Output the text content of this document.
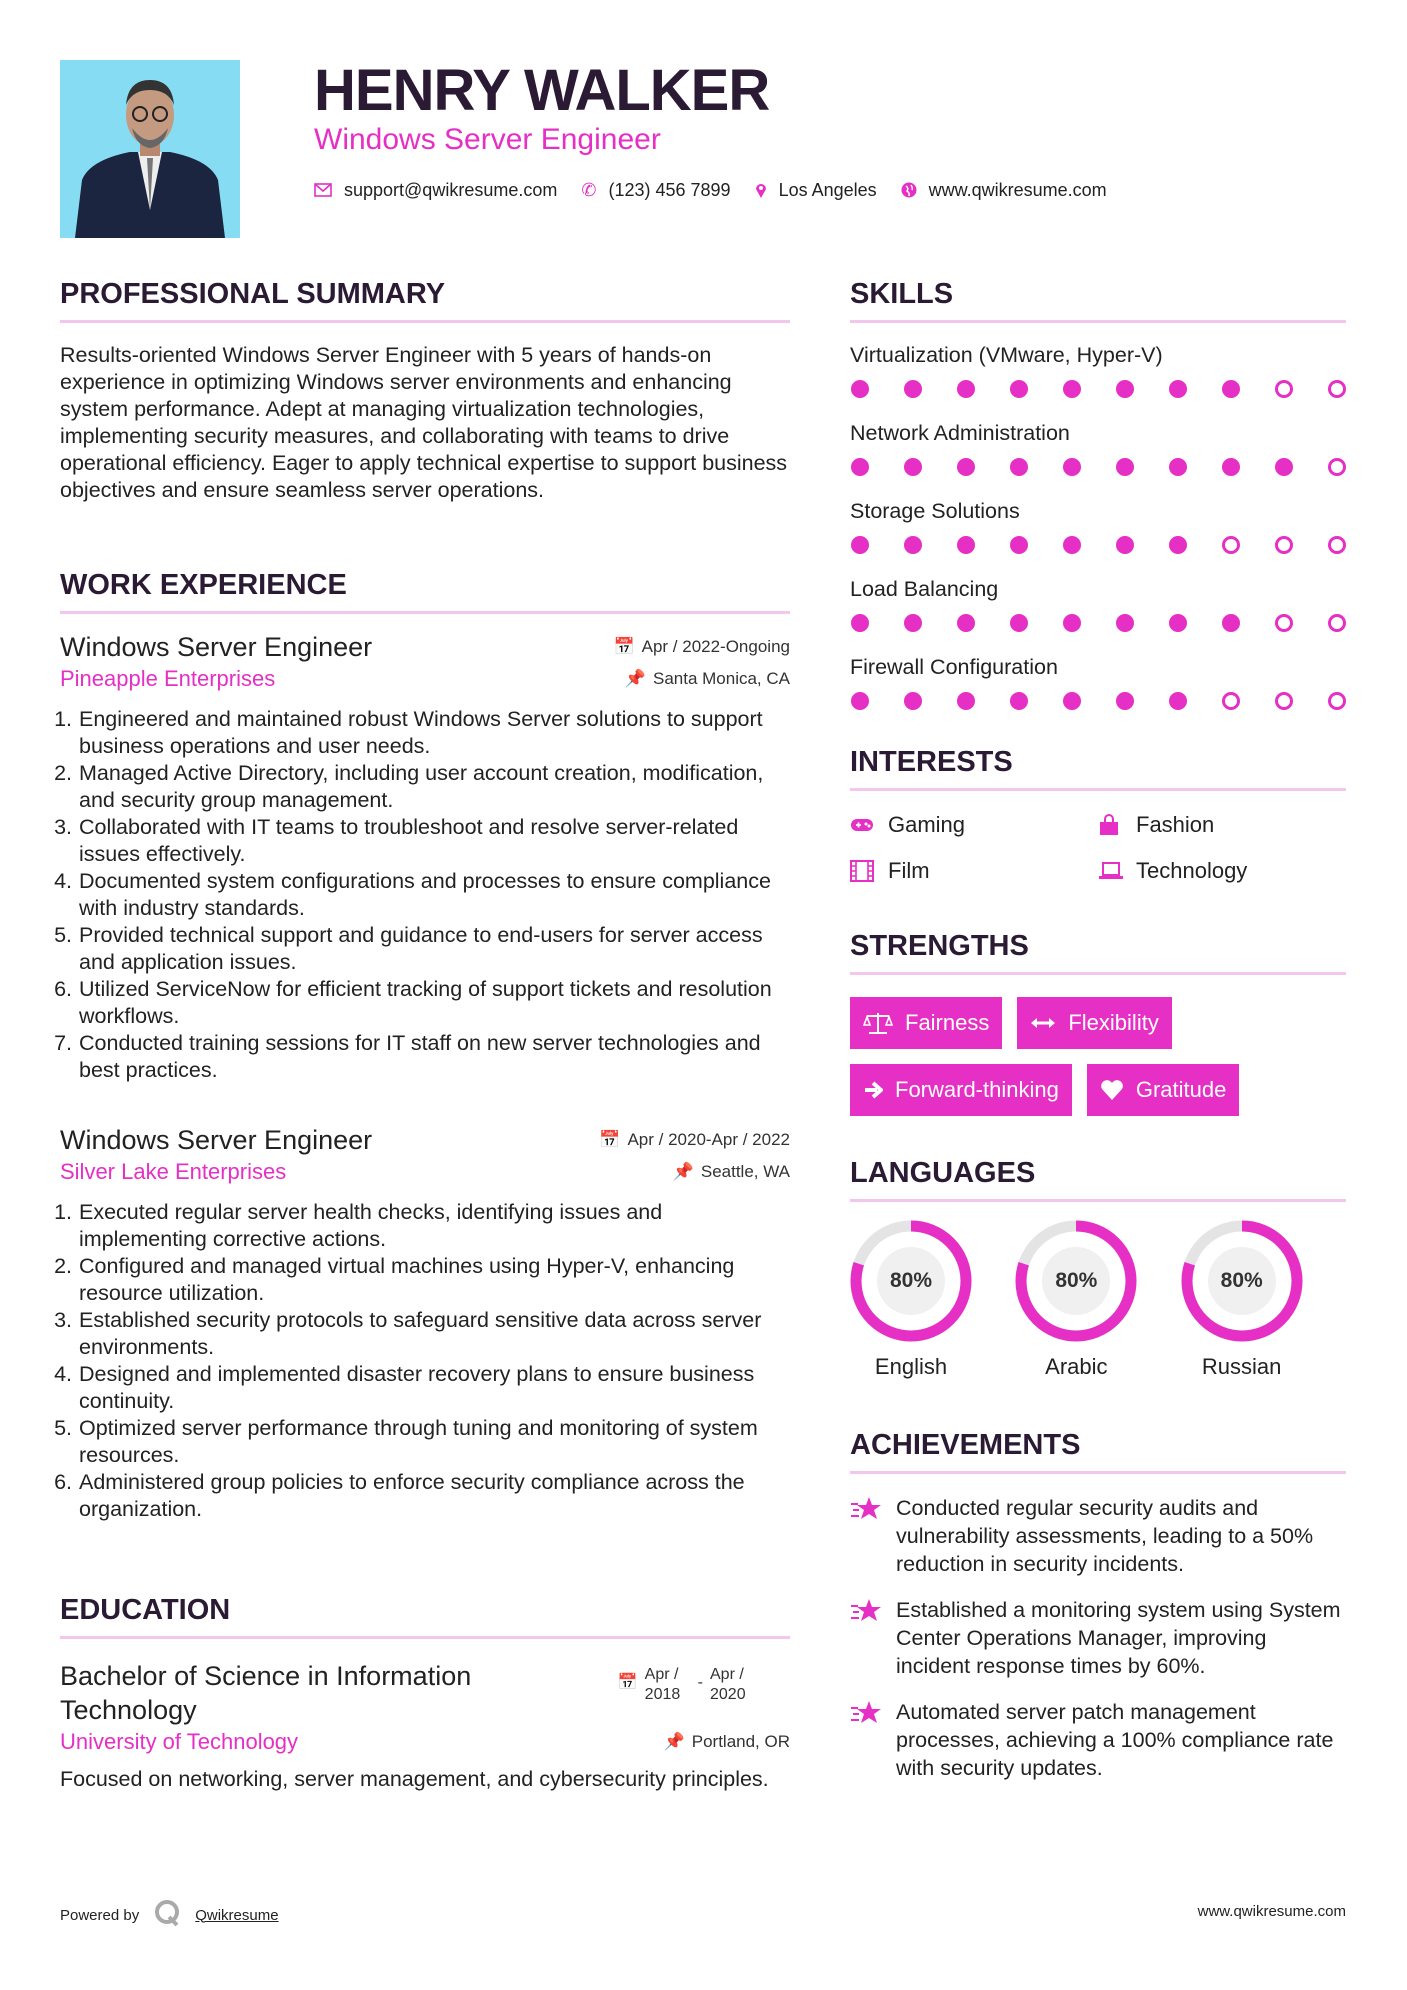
HENRY WALKER
Windows Server Engineer
support@qwikresume.com ✆ (123) 456 7899	Los Angeles	www.qwikresume.com
PROFESSIONAL SUMMARY

Results-oriented Windows Server Engineer with 5 years of hands-on experience in optimizing Windows server environments and enhancing system performance. Adept at managing virtualization technologies, implementing security measures, and collaborating with teams to drive operational efficiency. Eager to apply technical expertise to support business objectives and ensure seamless server operations.

WORK EXPERIENCE
Windows Server Engineer	📅 Apr / 2022-Ongoing
Pineapple Enterprises	📌 Santa Monica, CA
1. Engineered and maintained robust Windows Server solutions to support business operations and user needs.
2. Managed Active Directory, including user account creation, modification, and security group management.
3. Collaborated with IT teams to troubleshoot and resolve server-related issues effectively.
4. Documented system configurations and processes to ensure compliance with industry standards.
5. Provided technical support and guidance to end-users for server access and application issues.
6. Utilized ServiceNow for efficient tracking of support tickets and resolution workflows.
7. Conducted training sessions for IT staff on new server technologies and best practices.
Windows Server Engineer	📅 Apr / 2020-Apr / 2022
Silver Lake Enterprises	📌 Seattle, WA
1. Executed regular server health checks, identifying issues and implementing corrective actions.
2. Configured and managed virtual machines using Hyper-V, enhancing resource utilization.
3. Established security protocols to safeguard sensitive data across server environments.
4. Designed and implemented disaster recovery plans to ensure business continuity.
5. Optimized server performance through tuning and monitoring of system resources.
6. Administered group policies to enforce security compliance across the organization.
EDUCATION
Bachelor of Science in Information Technology
📅 Apr / 2018
- Apr / 2020
University of Technology	📌 Portland, OR

Focused on networking, server management, and cybersecurity principles.

SKILLS
Virtualization (VMware, Hyper-V)
Network Administration
Storage Solutions
Load Balancing
Firewall Configuration
INTERESTS
Gaming	Fashion
Film	Technology
STRENGTHS
Fairness	Flexibility
Forward-thinking	Gratitude
LANGUAGES
80%
English
80%
Arabic
80%
Russian
ACHIEVEMENTS
Conducted regular security audits and vulnerability assessments, leading to a 50% reduction in security incidents.
Established a monitoring system using System Center Operations Manager, improving incident response times by 60%.
Automated server patch management processes, achieving a 100% compliance rate with security updates.
Powered by	Qwikresume	www.qwikresume.com
